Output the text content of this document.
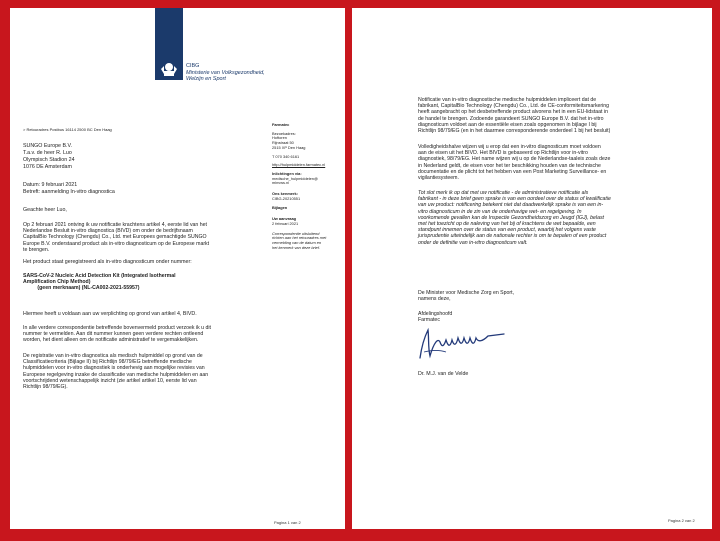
CIBG
Ministerie van Volksgezondheid,
Welzijn en Sport
> Retouradres Postbus 16114 2500 BC Den Haag
SUNGO Europe B.V.
T.a.v. de heer R. Luo
Olympisch Stadion 24
1076 DE Amsterdam
Datum: 9 februari 2021
Betreft: aanmelding In-vitro diagnostica
Geachte heer Luo,

Op 2 februari 2021 ontving ik uw notificatie krachtens artikel 4, eerste lid van het

Nederlandse Besluit in-vitro diagnostica (BIVD) om onder de bedrijfsnaam

CapitalBio Technology (Chengdu) Co., Ltd. met Europees gemachtigde SUNGO

Europe B.V. onderstaand product als in-vitro diagnosticum op de Europese markt

te brengen.

Het product staat geregistreerd als in-vitro diagnosticum onder nummer:

SARS-CoV-2 Nucleic Acid Detection Kit (Integrated Isothermal

Amplification Chip Method)

(geen merknaam) (NL-CA002-2021-55957)

Hiermee heeft u voldaan aan uw verplichting op grond van artikel 4, BIVD.

In alle verdere correspondentie betreffende bovenvermeld product verzoek ik u dit

nummer te vermelden. Aan dit nummer kunnen geen verdere rechten ontleend

worden, het dient alleen om de notificatie administratief te vergemakkelijken.

De registratie van in-vitro diagnostica als medisch hulpmiddel op grond van de

Classificatiecriteria (Bijlage II) bij Richtlijn 98/79/EG betreffende medische

hulpmiddelen voor in-vitro diagnostiek is onderhevig aan mogelijke revisies van

Europese regelgeving inzake de classificatie van medische hulpmiddelen en aan

voortschrijdend wetenschappelijk inzicht (zie artikel artikel 10, eerste lid van

Richtlijn 98/79/EG).

Farmatec
Bezoekadres:
Hoftoren
Rijnstraat 50
2515 XP Den Haag
T 070 340 6161
http://hulpmiddelen.farmatec.nl
Inlichtingen via:
medische_hulpmiddelen@
minvws.nl
Ons kenmerk:
CIBG-20210551
Bijlagen
Uw aanvraag
2 februari 2021
Correspondentie uitsluitend
richten aan het retouradres met
vermelding van de datum en
het kenmerk van deze brief.
Pagina 1 van 2

Notificatie van in-vitro diagnostische medische hulpmiddelen impliceert dat de

fabrikant, CapitalBio Technology (Chengdu) Co., Ltd. de CE-conformiteitsmarkering

heeft aangebracht op het desbetreffende product alvorens het in een EU-lidstaat in

de handel te brengen. Zodoende garandeert SUNGO Europe B.V. dat het in-vitro

diagnosticum voldoet aan de essentiële eisen zoals opgenomen in bijlage I bij

Richtlijn 98/79/EG (en in het daarmee corresponderende onderdeel 1 bij het besluit)

Volledigheidshalve wijzen wij u erop dat een in-vitro diagnosticum moet voldoen

aan de eisen uit het BIVD. Het BIVD is gebaseerd op Richtlijn voor in-vitro

diagnostiek, 98/79/EG. Het name wijzen wij u op de Nederlandse-taaleis zoals deze

in Nederland geldt, de eisen voor het ter beschikking houden van de technische

documentatie en de plicht tot het hebben van een Post Marketing Surveillance- en

vigilantiesysteem.

Tot slot merk ik op dat met uw notificatie - de administratieve notificatie als

fabrikant - in deze brief geen sprake is van een oordeel over de status of kwalificatie

van uw product: notificering betekent niet dat daadwerkelijk sprake is van een in-

vitro diagnosticum in de zin van de onderhavige wet- en regelgeving. In

voorkomende gevallen kan de Inspectie Gezondheidszorg en Jeugd (IGJ), belast

met het toezicht op de naleving van het bij of krachtens de wet bepaalde, een

standpunt innemen over de status van een product, waarbij het volgens vaste

jurisprudentie uiteindelijk aan de nationale rechter is om te bepalen of een product

onder de definitie van in-vitro diagnosticum valt.

De Minister voor Medische Zorg en Sport,

namens deze,

Afdelingshoofd

Farmatec

Dr. M.J. van de Velde
Pagina 2 van 2
